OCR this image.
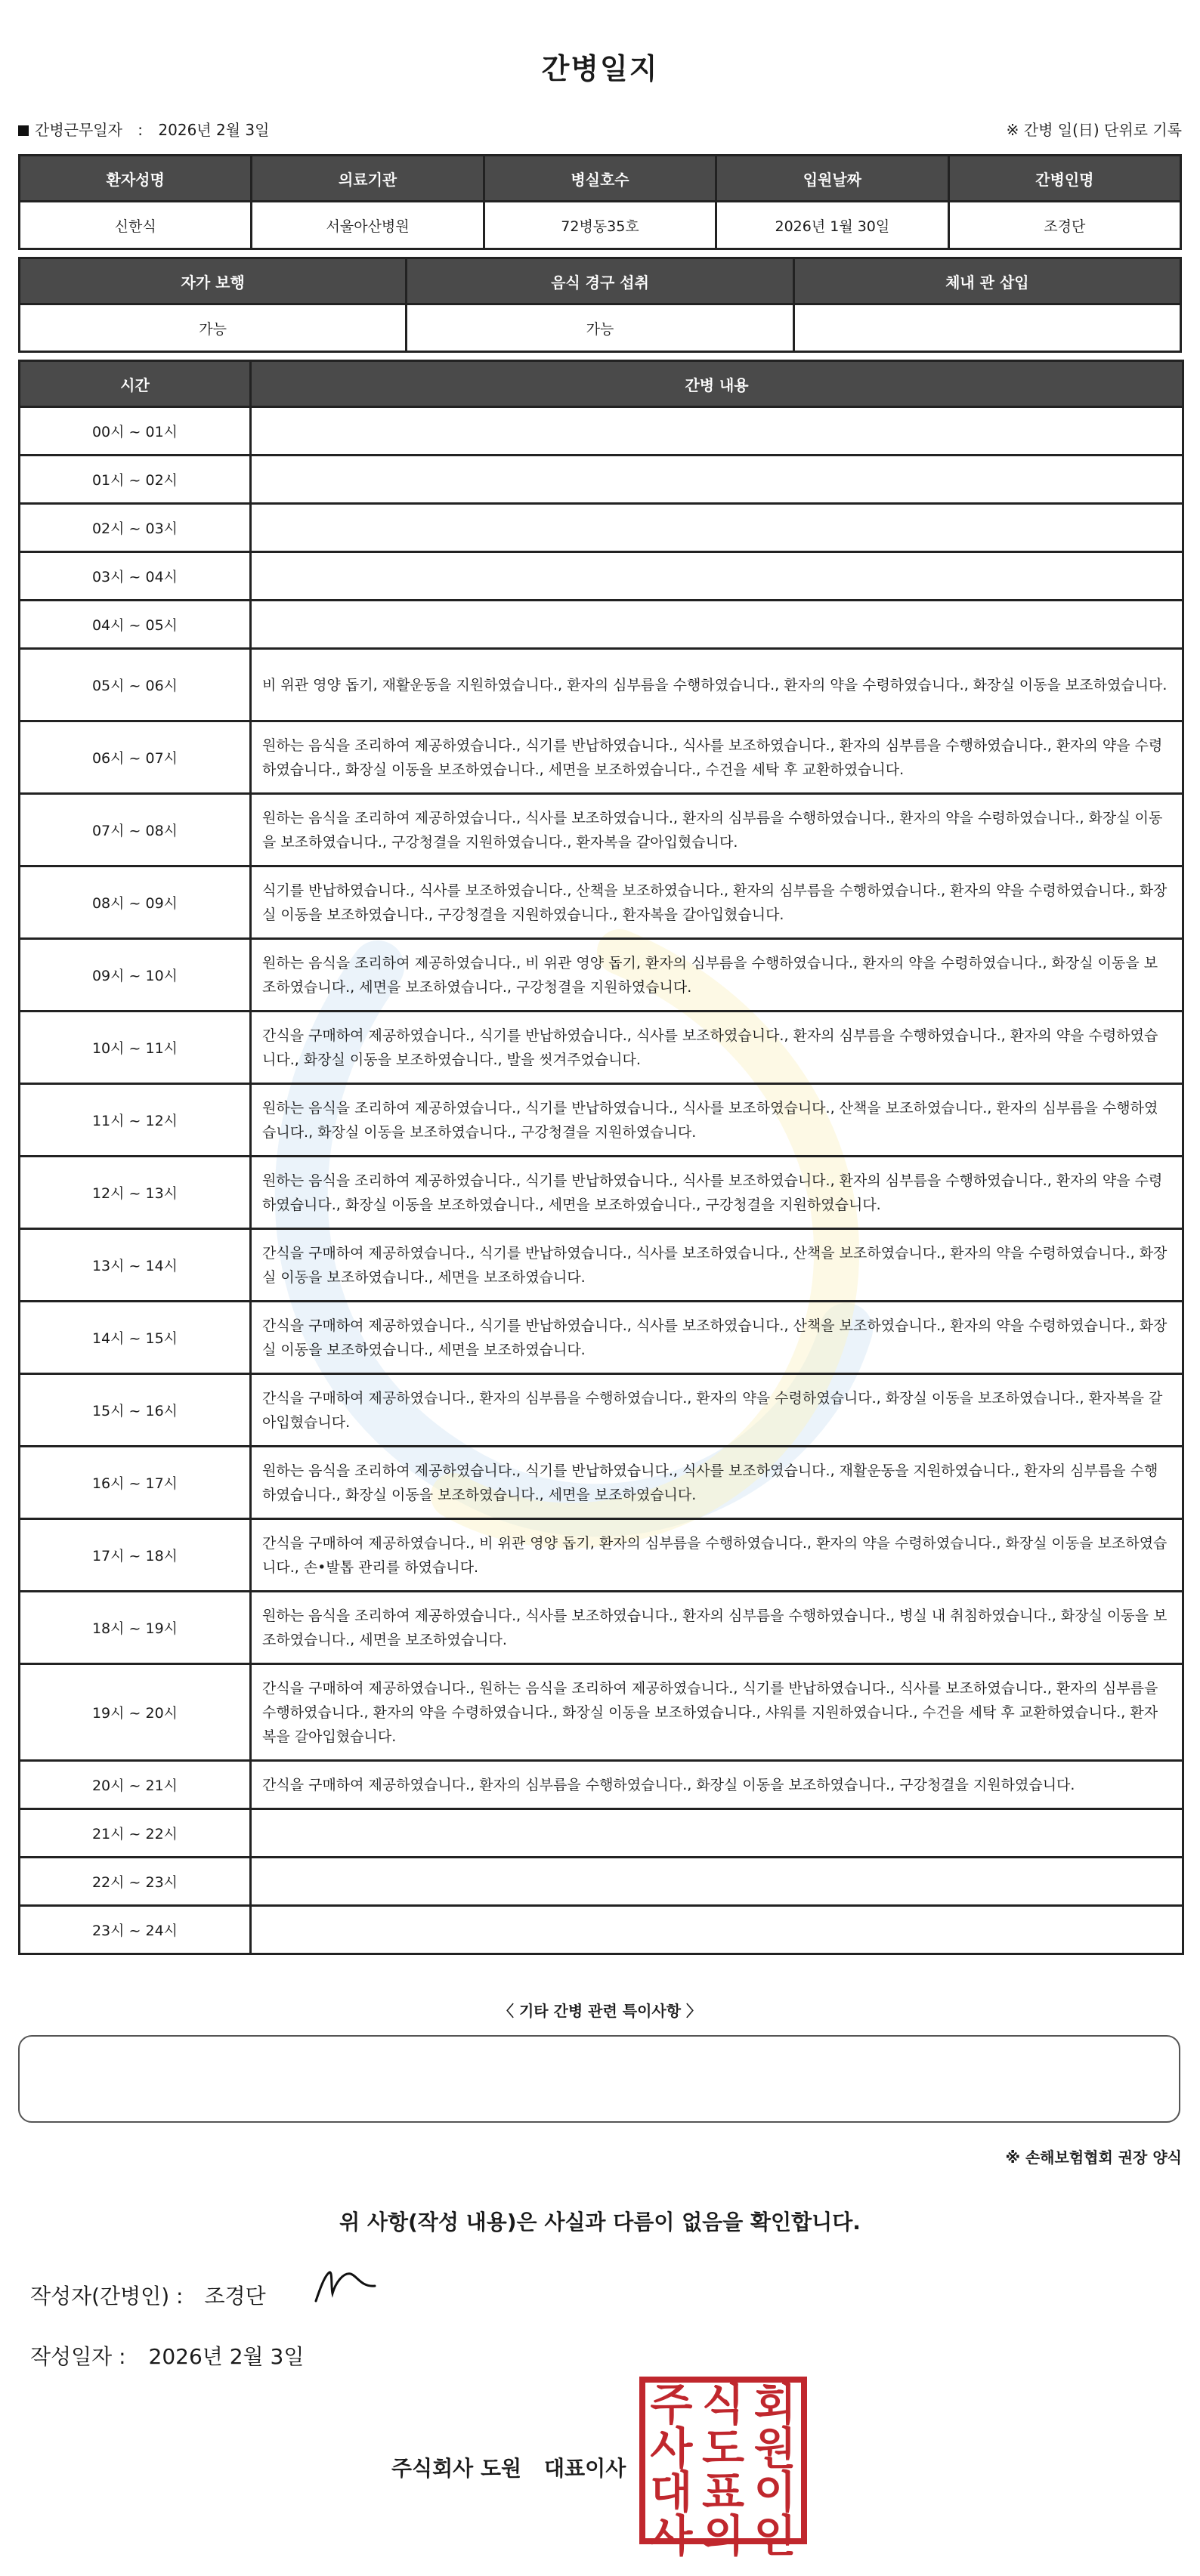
간병일지
간병근무일자 : 2026년 2월 3일	※ 간병 일(日) 단위로 기록
환자성명	의료기관	병실호수	입원날짜	간병인명
신한식	서울아산병원	72병동35호	2026년 1월 30일	조경단
자가 보행	음식 경구 섭취	체내 관 삽입
가능	가능	
시간	간병 내용
00시 ~ 01시	
01시 ~ 02시	
02시 ~ 03시	
03시 ~ 04시	
04시 ~ 05시	
05시 ~ 06시	비 위관 영양 돕기, 재활운동을 지원하였습니다., 환자의 심부름을 수행하였습니다., 환자의 약을 수령하였습니다., 화장실 이동을 보조하였습니다.
06시 ~ 07시	원하는 음식을 조리하여 제공하였습니다., 식기를 반납하였습니다., 식사를 보조하였습니다., 환자의 심부름을 수행하였습니다., 환자의 약을 수령하였습니다., 화장실 이동을 보조하였습니다., 세면을 보조하였습니다., 수건을 세탁 후 교환하였습니다.
07시 ~ 08시	원하는 음식을 조리하여 제공하였습니다., 식사를 보조하였습니다., 환자의 심부름을 수행하였습니다., 환자의 약을 수령하였습니다., 화장실 이동을 보조하였습니다., 구강청결을 지원하였습니다., 환자복을 갈아입혔습니다.
08시 ~ 09시	식기를 반납하였습니다., 식사를 보조하였습니다., 산책을 보조하였습니다., 환자의 심부름을 수행하였습니다., 환자의 약을 수령하였습니다., 화장실 이동을 보조하였습니다., 구강청결을 지원하였습니다., 환자복을 갈아입혔습니다.
09시 ~ 10시	원하는 음식을 조리하여 제공하였습니다., 비 위관 영양 돕기, 환자의 심부름을 수행하였습니다., 환자의 약을 수령하였습니다., 화장실 이동을 보조하였습니다., 세면을 보조하였습니다., 구강청결을 지원하였습니다.
10시 ~ 11시	간식을 구매하여 제공하였습니다., 식기를 반납하였습니다., 식사를 보조하였습니다., 환자의 심부름을 수행하였습니다., 환자의 약을 수령하였습니다., 화장실 이동을 보조하였습니다., 발을 씻겨주었습니다.
11시 ~ 12시	원하는 음식을 조리하여 제공하였습니다., 식기를 반납하였습니다., 식사를 보조하였습니다., 산책을 보조하였습니다., 환자의 심부름을 수행하였습니다., 화장실 이동을 보조하였습니다., 구강청결을 지원하였습니다.
12시 ~ 13시	원하는 음식을 조리하여 제공하였습니다., 식기를 반납하였습니다., 식사를 보조하였습니다., 환자의 심부름을 수행하였습니다., 환자의 약을 수령하였습니다., 화장실 이동을 보조하였습니다., 세면을 보조하였습니다., 구강청결을 지원하였습니다.
13시 ~ 14시	간식을 구매하여 제공하였습니다., 식기를 반납하였습니다., 식사를 보조하였습니다., 산책을 보조하였습니다., 환자의 약을 수령하였습니다., 화장실 이동을 보조하였습니다., 세면을 보조하였습니다.
14시 ~ 15시	간식을 구매하여 제공하였습니다., 식기를 반납하였습니다., 식사를 보조하였습니다., 산책을 보조하였습니다., 환자의 약을 수령하였습니다., 화장실 이동을 보조하였습니다., 세면을 보조하였습니다.
15시 ~ 16시	간식을 구매하여 제공하였습니다., 환자의 심부름을 수행하였습니다., 환자의 약을 수령하였습니다., 화장실 이동을 보조하였습니다., 환자복을 갈아입혔습니다.
16시 ~ 17시	원하는 음식을 조리하여 제공하였습니다., 식기를 반납하였습니다., 식사를 보조하였습니다., 재활운동을 지원하였습니다., 환자의 심부름을 수행하였습니다., 화장실 이동을 보조하였습니다., 세면을 보조하였습니다.
17시 ~ 18시	간식을 구매하여 제공하였습니다., 비 위관 영양 돕기, 환자의 심부름을 수행하였습니다., 환자의 약을 수령하였습니다., 화장실 이동을 보조하였습니다., 손•발톱 관리를 하였습니다.
18시 ~ 19시	원하는 음식을 조리하여 제공하였습니다., 식사를 보조하였습니다., 환자의 심부름을 수행하였습니다., 병실 내 취침하였습니다., 화장실 이동을 보조하였습니다., 세면을 보조하였습니다.
19시 ~ 20시	간식을 구매하여 제공하였습니다., 원하는 음식을 조리하여 제공하였습니다., 식기를 반납하였습니다., 식사를 보조하였습니다., 환자의 심부름을 수행하였습니다., 환자의 약을 수령하였습니다., 화장실 이동을 보조하였습니다., 샤워를 지원하였습니다., 수건을 세탁 후 교환하였습니다., 환자복을 갈아입혔습니다.
20시 ~ 21시	간식을 구매하여 제공하였습니다., 환자의 심부름을 수행하였습니다., 화장실 이동을 보조하였습니다., 구강청결을 지원하였습니다.
21시 ~ 22시	
22시 ~ 23시	
23시 ~ 24시	
〈 기타 간병 관련 특이사항 〉
※ 손해보험협회 권장 양식
위 사항(작성 내용)은 사실과 다름이 없음을 확인합니다.
작성자(간병인) : 조경단
작성일자 : 2026년 2월 3일
주식회사 도원 대표이사
주 식 회
사 도 원
대 표 이
사 의 인
